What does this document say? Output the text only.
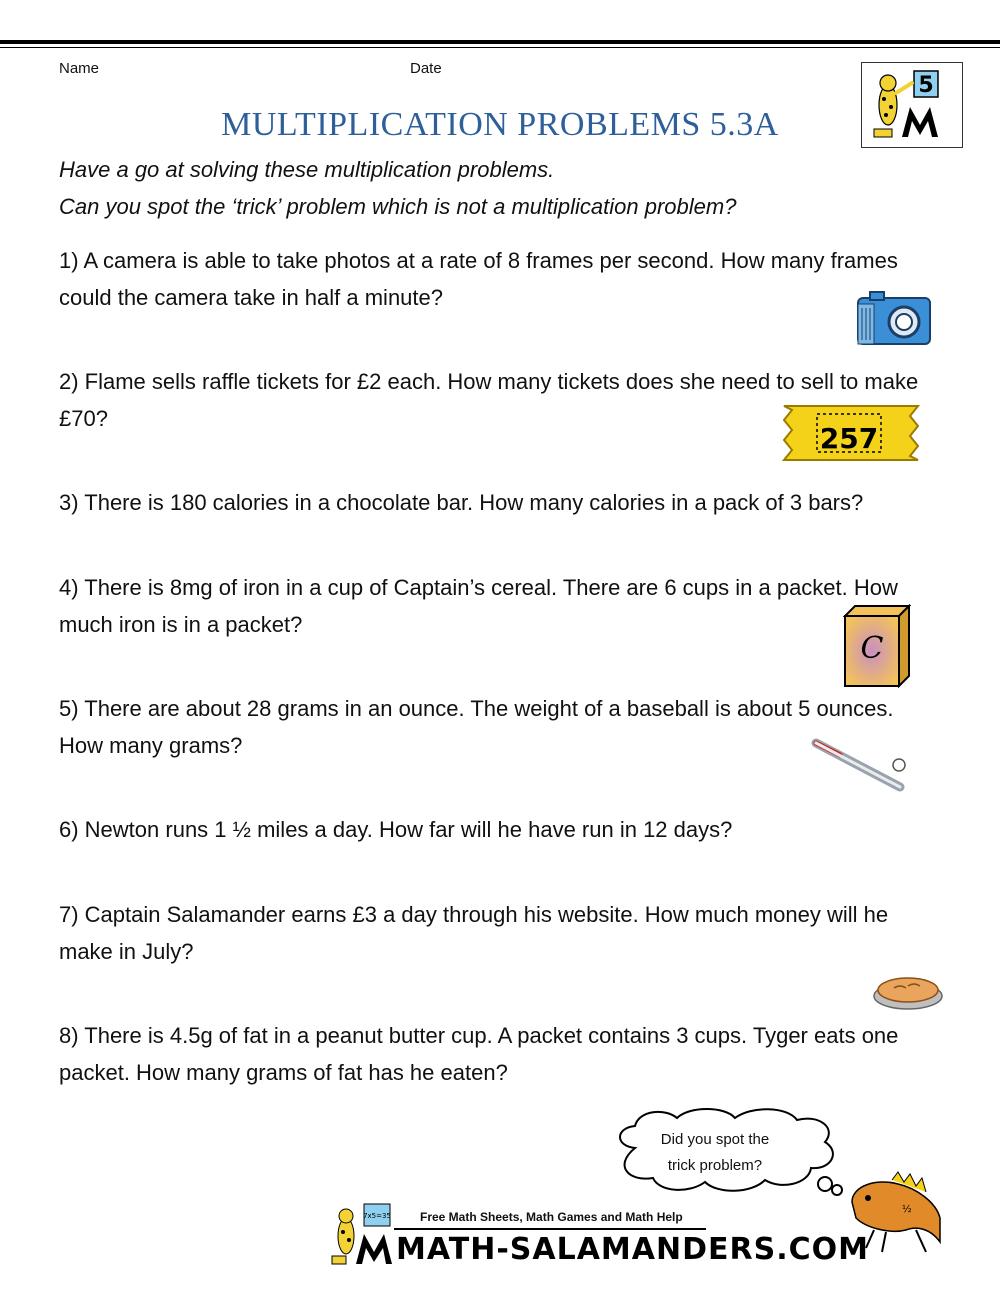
Name	Date
5
MULTIPLICATION PROBLEMS 5.3A
Have a go at solving these multiplication problems.
Can you spot the ‘trick’ problem which is not a multiplication problem?
1) A camera is able to take photos at a rate of 8 frames per second. How many frames could the camera take in half a minute?
2) Flame sells raffle tickets for £2 each. How many tickets does she need to sell to make £70?
3) There is 180 calories in a chocolate bar. How many calories in a pack of 3 bars?
4) There is 8mg of iron in a cup of Captain’s cereal. There are 6 cups in a packet. How much iron is in a packet?
5) There are about 28 grams in an ounce. The weight of a baseball is about 5 ounces. How many grams?
6) Newton runs 1 ½ miles a day. How far will he have run in 12 days?
7) Captain Salamander earns £3 a day through his website. How much money will he make in July?
8) There is 4.5g of fat in a peanut butter cup. A packet contains 3 cups. Tyger eats one packet. How many grams of fat has he eaten?
257
C
Did you spot the
trick problem?
½
7x5=35 Free Math Sheets, Math Games and Math Help
MATH-SALAMANDERS.COM
